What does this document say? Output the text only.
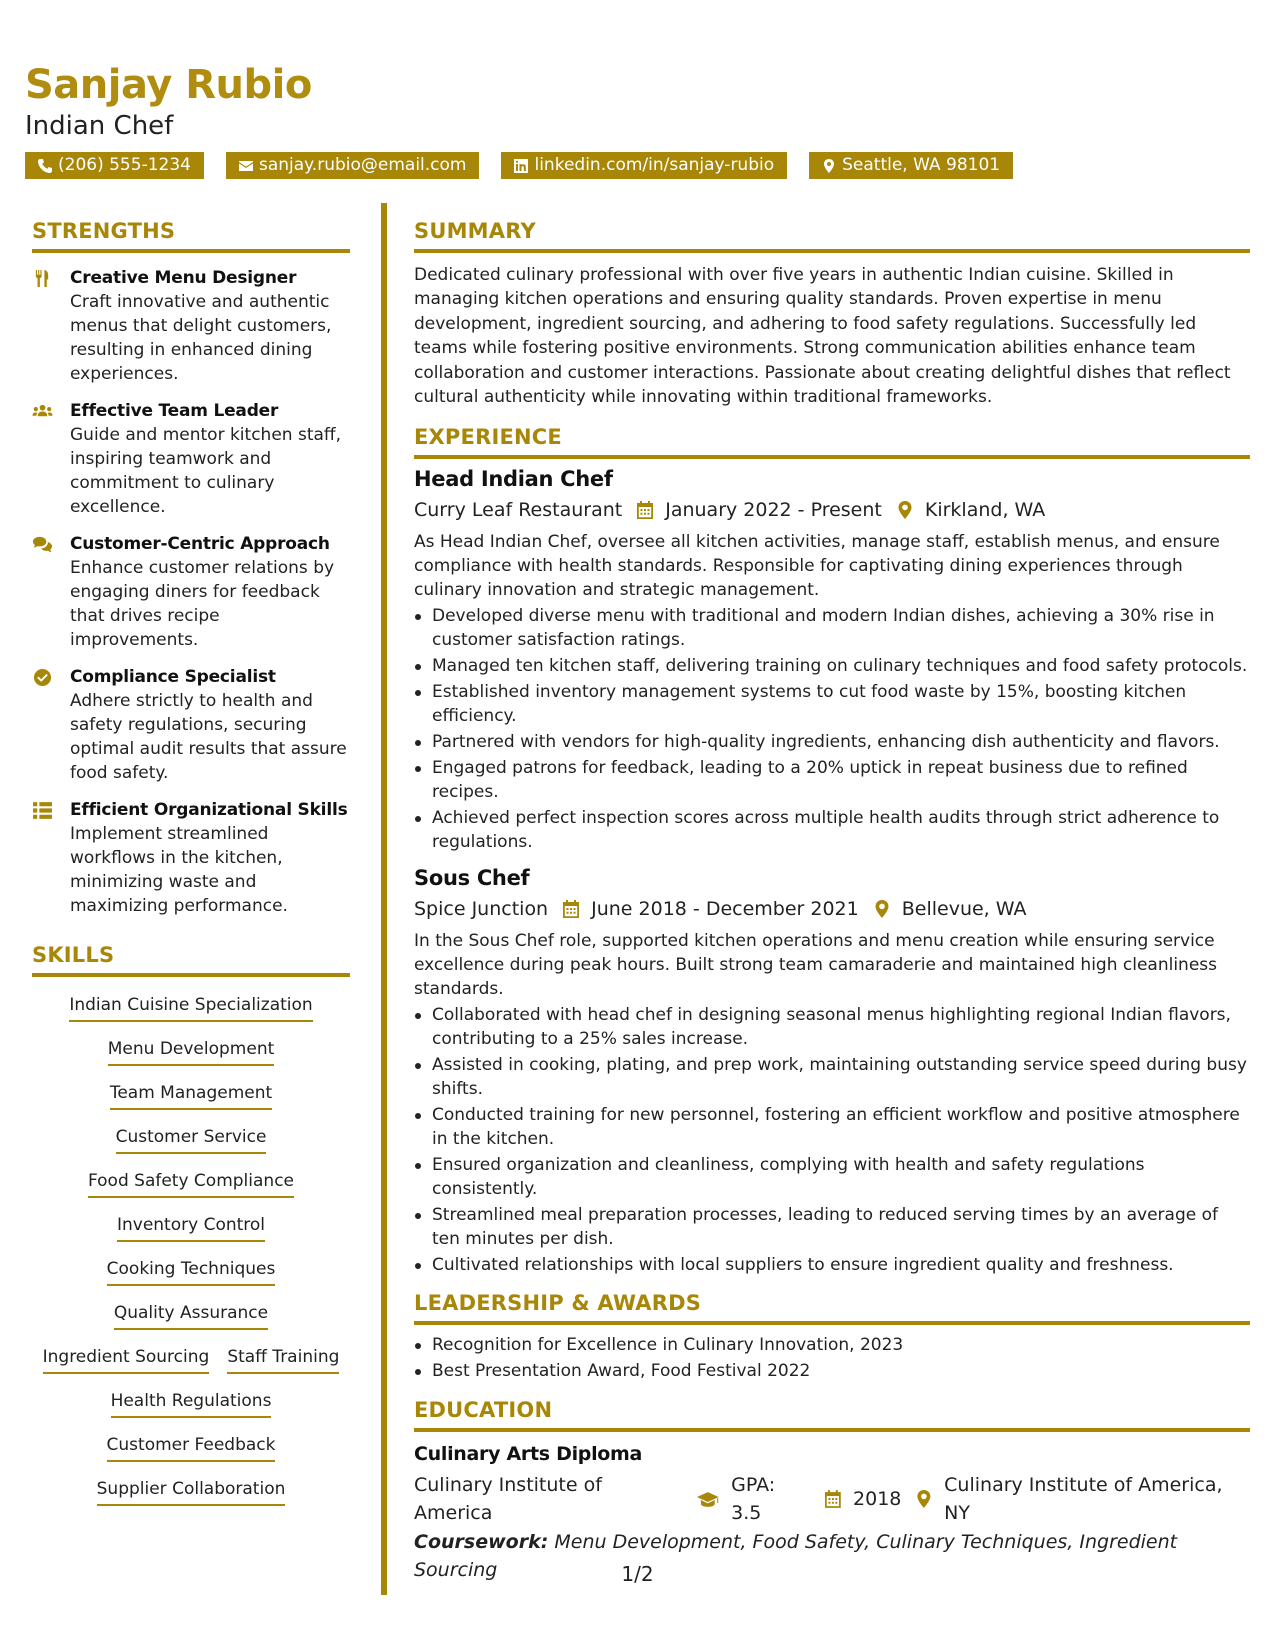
Sanjay Rubio
Indian Chef
(206) 555-1234	sanjay.rubio@email.com	linkedin.com/in/sanjay-rubio	Seattle, WA 98101
STRENGTHS
Creative Menu Designer
Craft innovative and authentic menus that delight customers, resulting in enhanced dining experiences.
Effective Team Leader
Guide and mentor kitchen staff, inspiring teamwork and commitment to culinary excellence.
Customer-Centric Approach
Enhance customer relations by engaging diners for feedback that drives recipe improvements.
Compliance Specialist
Adhere strictly to health and safety regulations, securing optimal audit results that assure food safety.
Efficient Organizational Skills
Implement streamlined workflows in the kitchen, minimizing waste and maximizing performance.
SKILLS
Indian Cuisine Specialization
Menu Development
Team Management
Customer Service
Food Safety Compliance
Inventory Control
Cooking Techniques
Quality Assurance
Ingredient Sourcing Staff Training
Health Regulations
Customer Feedback
Supplier Collaboration
SUMMARY
Dedicated culinary professional with over five years in authentic Indian cuisine. Skilled in managing kitchen operations and ensuring quality standards. Proven expertise in menu development, ingredient sourcing, and adhering to food safety regulations. Successfully led teams while fostering positive environments. Strong communication abilities enhance team collaboration and customer interactions. Passionate about creating delightful dishes that reflect cultural authenticity while innovating within traditional frameworks.
EXPERIENCE
Head Indian Chef
Curry Leaf Restaurant January 2022 - Present Kirkland, WA
As Head Indian Chef, oversee all kitchen activities, manage staff, establish menus, and ensure compliance with health standards. Responsible for captivating dining experiences through culinary innovation and strategic management.
Developed diverse menu with traditional and modern Indian dishes, achieving a 30% rise in customer satisfaction ratings.
Managed ten kitchen staff, delivering training on culinary techniques and food safety protocols.
Established inventory management systems to cut food waste by 15%, boosting kitchen efficiency.
Partnered with vendors for high-quality ingredients, enhancing dish authenticity and flavors.
Engaged patrons for feedback, leading to a 20% uptick in repeat business due to refined recipes.
Achieved perfect inspection scores across multiple health audits through strict adherence to regulations.
Sous Chef
Spice Junction June 2018 - December 2021 Bellevue, WA
In the Sous Chef role, supported kitchen operations and menu creation while ensuring service excellence during peak hours. Built strong team camaraderie and maintained high cleanliness standards.
Collaborated with head chef in designing seasonal menus highlighting regional Indian flavors, contributing to a 25% sales increase.
Assisted in cooking, plating, and prep work, maintaining outstanding service speed during busy shifts.
Conducted training for new personnel, fostering an efficient workflow and positive atmosphere in the kitchen.
Ensured organization and cleanliness, complying with health and safety regulations consistently.
Streamlined meal preparation processes, leading to reduced serving times by an average of ten minutes per dish.
Cultivated relationships with local suppliers to ensure ingredient quality and freshness.
LEADERSHIP & AWARDS
Recognition for Excellence in Culinary Innovation, 2023
Best Presentation Award, Food Festival 2022
EDUCATION
Culinary Arts Diploma
Culinary Institute of America
GPA: 3.5
2018
Culinary Institute of America, NY
Coursework: Menu Development, Food Safety, Culinary Techniques, Ingredient Sourcing	1/2
